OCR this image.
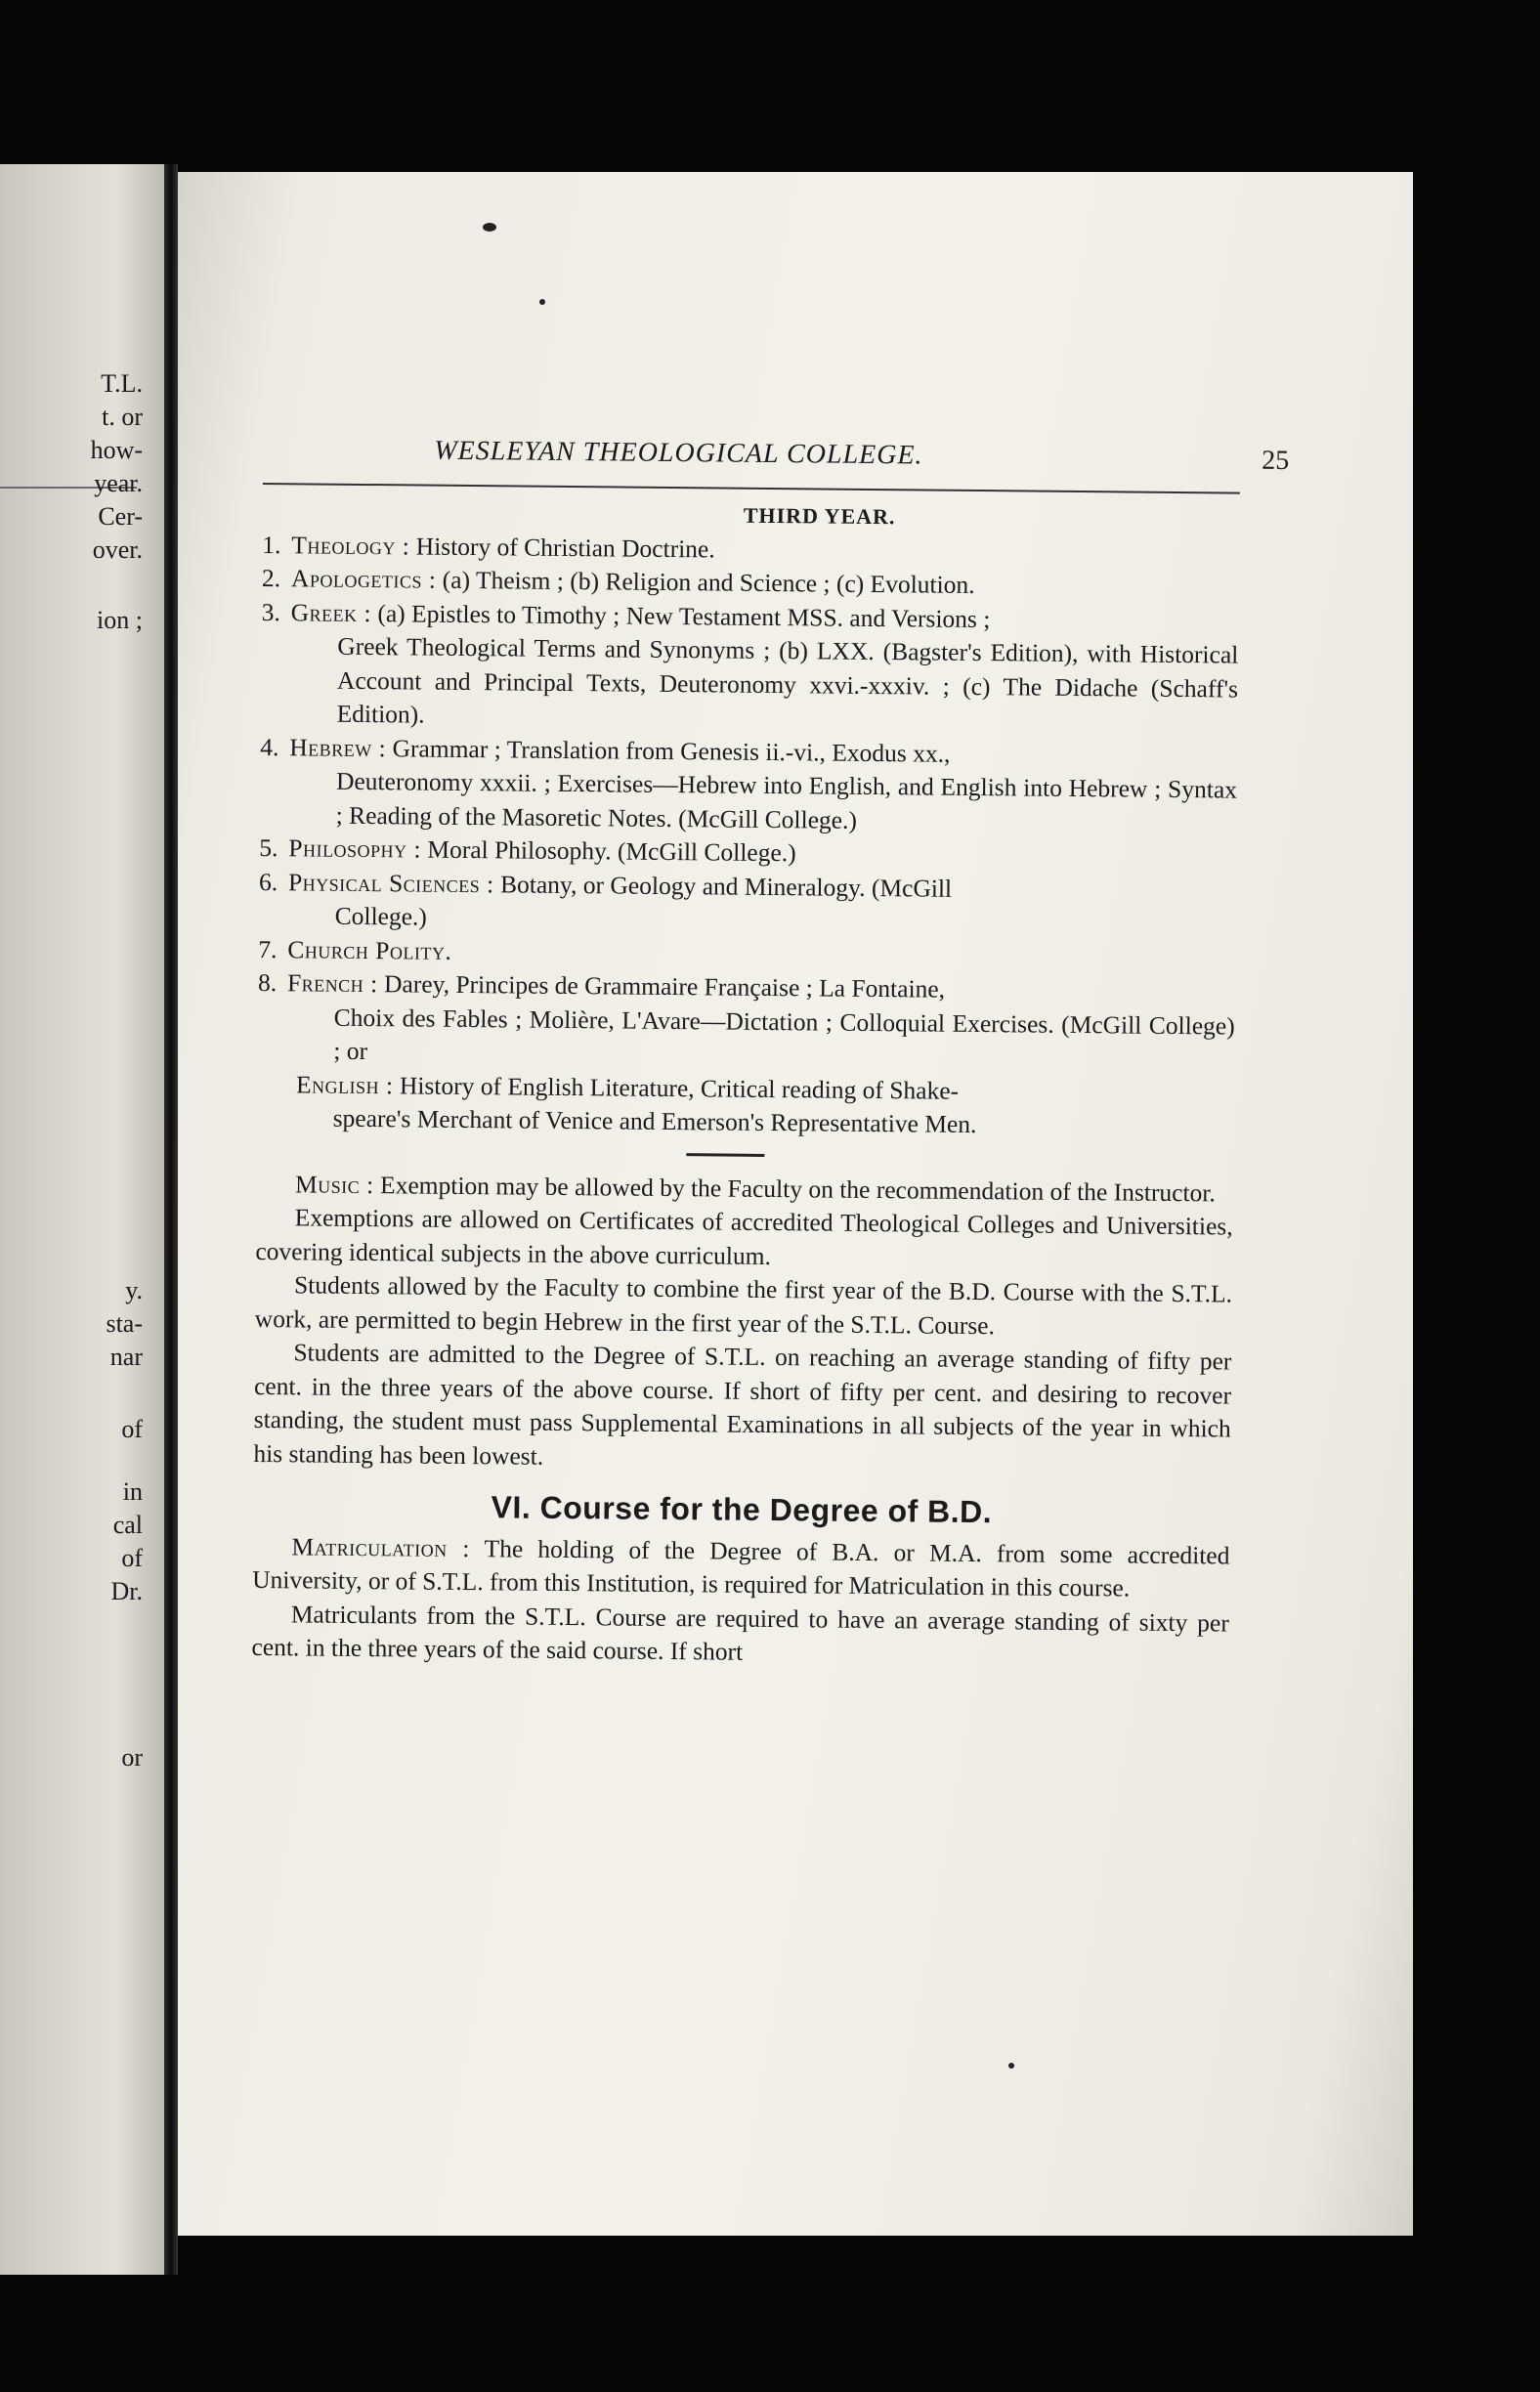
T.L.
t. or
how-
year.
Cer-
over.
ion ;
y.
sta-
nar
of
in
cal
of
Dr.
or
WESLEYAN THEOLOGICAL COLLEGE.	25
THIRD YEAR.
1. Theology : History of Christian Doctrine.
2. Apologetics : (a) Theism ; (b) Religion and Science ; (c) Evolution.
3. Greek : (a) Epistles to Timothy ; New Testament MSS. and Versions ;
Greek Theological Terms and Synonyms ; (b) LXX. (Bagster's Edition), with Historical Account and Principal Texts, Deuteronomy xxvi.-xxxiv. ; (c) The Didache (Schaff's Edition).
4. Hebrew : Grammar ; Translation from Genesis ii.-vi., Exodus xx.,
Deuteronomy xxxii. ; Exercises—Hebrew into English, and English into Hebrew ; Syntax ; Reading of the Masoretic Notes. (McGill College.)
5. Philosophy : Moral Philosophy. (McGill College.)
6. Physical Sciences : Botany, or Geology and Mineralogy. (McGill
College.)
7. Church Polity.
8. French : Darey, Principes de Grammaire Française ; La Fontaine,
Choix des Fables ; Molière, L'Avare—Dictation ; Colloquial Exercises. (McGill College) ; or
English : History of English Literature, Critical reading of Shake-
speare's Merchant of Venice and Emerson's Representative Men.

Music : Exemption may be allowed by the Faculty on the recommendation of the Instructor.

Exemptions are allowed on Certificates of accredited Theological Colleges and Universities, covering identical subjects in the above curriculum.

Students allowed by the Faculty to combine the first year of the B.D. Course with the S.T.L. work, are permitted to begin Hebrew in the first year of the S.T.L. Course.

Students are admitted to the Degree of S.T.L. on reaching an average standing of fifty per cent. in the three years of the above course. If short of fifty per cent. and desiring to recover standing, the student must pass Supplemental Examinations in all subjects of the year in which his standing has been lowest.

VI. Course for the Degree of B.D.

Matriculation : The holding of the Degree of B.A. or M.A. from some accredited University, or of S.T.L. from this Institution, is required for Matriculation in this course.

Matriculants from the S.T.L. Course are required to have an average standing of sixty per cent. in the three years of the said course. If short
